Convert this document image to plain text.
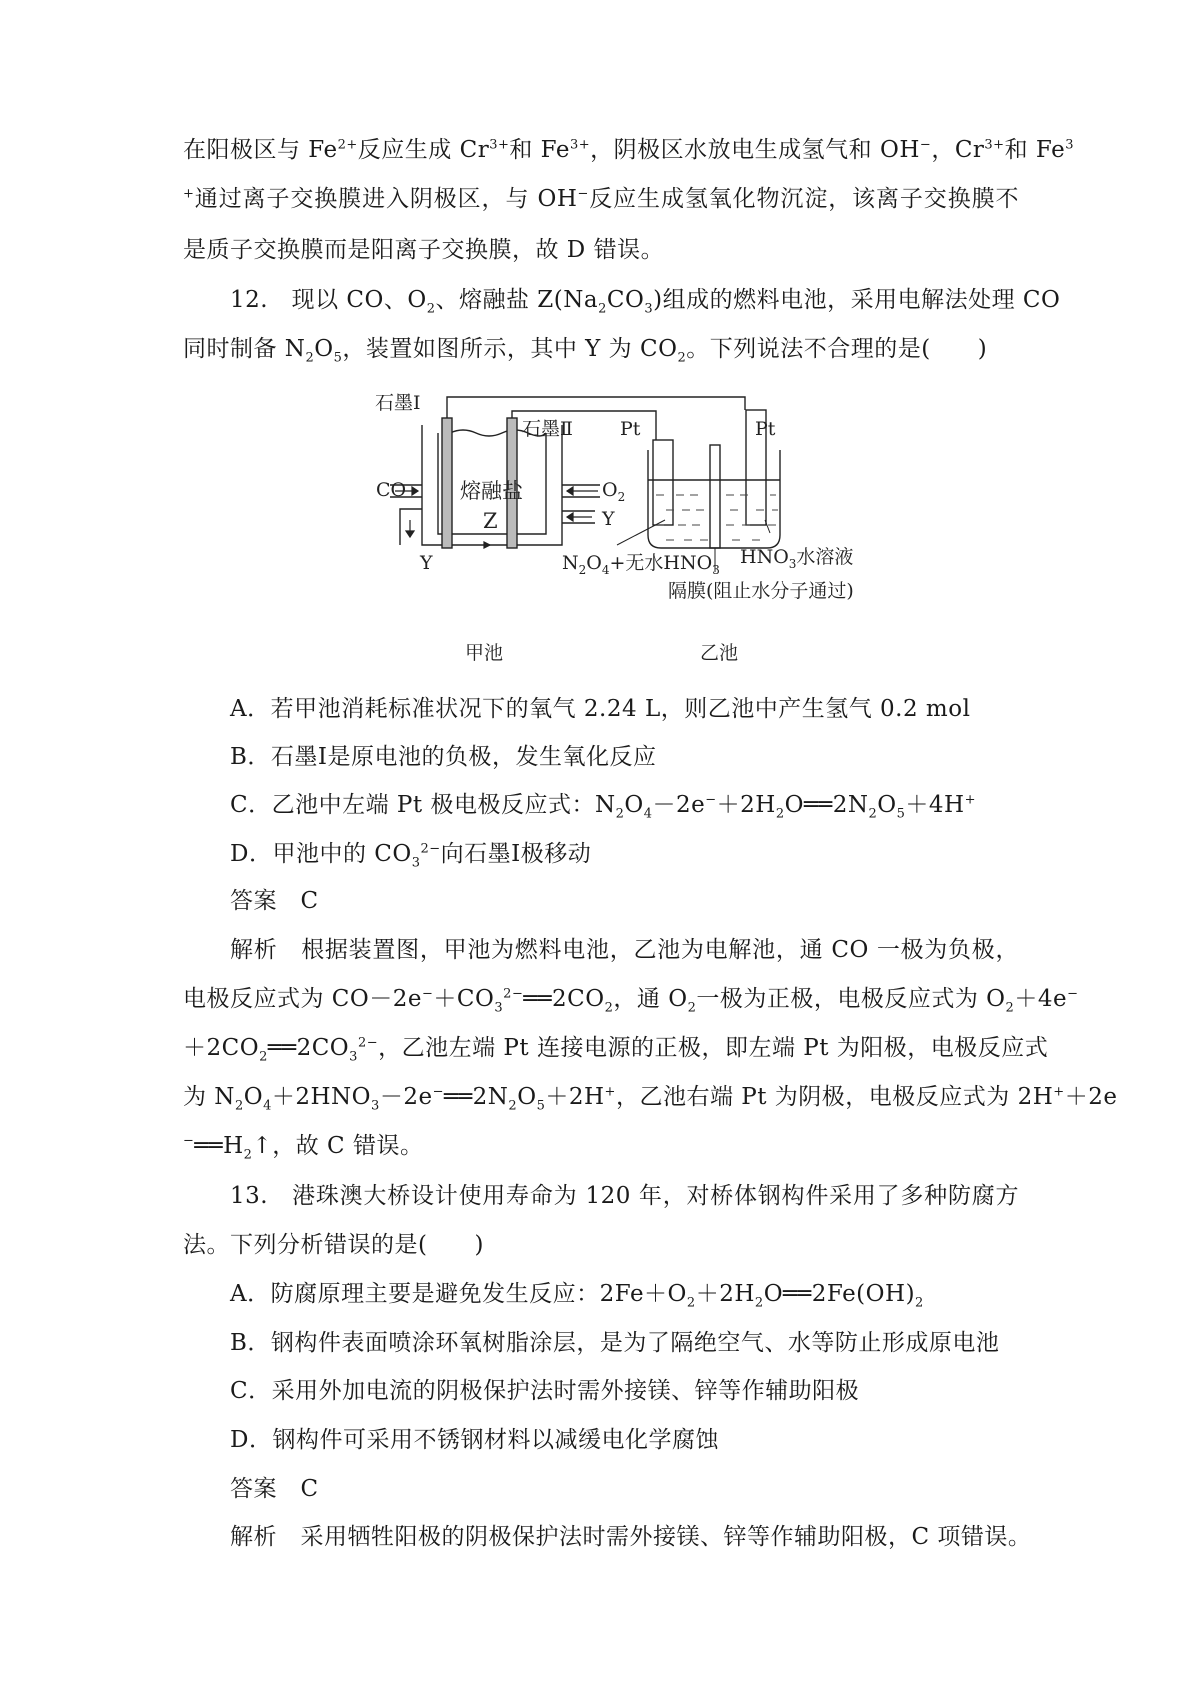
在阳极区与 $Fe^{2+}$反应生成 $Cr^{3+}$和 $Fe^{3+}$，阴极区水放电生成氢气和 OH−，$Cr^{3+}$和 Fe$^3$
+通过离子交换膜进入阴极区，与 OH−反应生成氢氧化物沉淀，该离子交换膜不
是质子交换膜而是阳离子交换膜，故 D 错误。
12.　现以 CO、$O_2$、熔融盐 $Z(Na_2CO_3)$组成的燃料电池，采用电解法处理 CO
同时制备 $N_2O_5$，装置如图所示，其中 Y 为 $CO_2$。下列说法不合理的是(　　)
石墨Ⅰ
石墨Ⅱ Pt	Pt
CO	$O_2$
Y
Y
熔融盐
Z
$N_2O_4+$无水$HNO_3$
$HNO_3$水溶液
隔膜(阻止水分子通过)
甲池	乙池
A．若甲池消耗标准状况下的氧气 2.24 L，则乙池中产生氢气 0.2 mol
B．石墨Ⅰ是原电池的负极，发生氧化反应
C．乙池中左端 Pt 极电极反应式：$N_2O_4-2e^-+2H_2O══2N_2O_5+4H^+$
D．甲池中的 $CO_3^{2-}$向石墨Ⅰ极移动
答案　C
解析　根据装置图，甲池为燃料电池，乙池为电解池，通 CO 一极为负极，
电极反应式为 $CO-2e^-+CO_3^{2-}══2CO_2$，通 $O_2$一极为正极，电极反应式为 $O_2+4e^-$
$+2CO_2══2CO_3^{2-}$，乙池左端 Pt 连接电源的正极，即左端 Pt 为阳极，电极反应式
为 $N_2O_4+2HNO_3-2e^-══2N_2O_5+2H^+$，乙池右端 Pt 为阴极，电极反应式为 2H+＋2e
$^-══H_2↑$，故 C 错误。
13.　港珠澳大桥设计使用寿命为 120 年，对桥体钢构件采用了多种防腐方
法。下列分析错误的是(　　)
A．防腐原理主要是避免发生反应：$2Fe+O_2+2H_2O══2Fe(OH)_2$
B．钢构件表面喷涂环氧树脂涂层，是为了隔绝空气、水等防止形成原电池
C．采用外加电流的阴极保护法时需外接镁、锌等作辅助阳极
D．钢构件可采用不锈钢材料以减缓电化学腐蚀
答案　C
解析　采用牺牲阳极的阴极保护法时需外接镁、锌等作辅助阳极，C 项错误。
